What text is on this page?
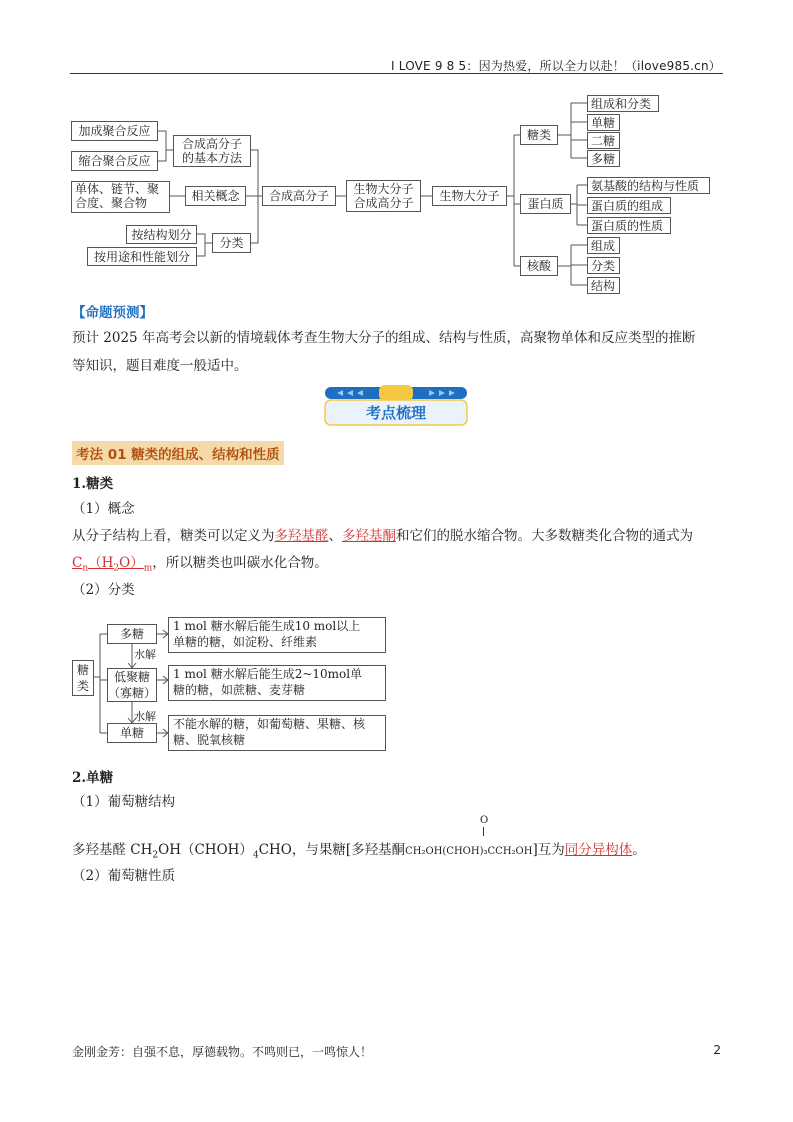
I LOVE 9 8 5：因为热爱，所以全力以赴！（ilove985.cn）
加成聚合反应
缩合聚合反应
合成高分子
的基本方法
单体、链节、聚
合度、聚合物	相关概念
按结构划分
按用途和性能划分
分类
合成高分子	生物大分子
合成高分子	生物大分子
糖类
蛋白质
核酸
组成和分类
单糖
二糖
多糖
氨基酸的结构与性质
蛋白质的组成
蛋白质的性质
组成
分类
结构
【命题预测】
预计 2025 年高考会以新的情境载体考查生物大分子的组成、结构与性质，高聚物单体和反应类型的推断
等知识，题目难度一般适中。
考点梳理
考法 01 糖类的组成、结构和性质
1.糖类
（1）概念
从分子结构上看，糖类可以定义为多羟基醛、多羟基酮和它们的脱水缩合物。大多数糖类化合物的通式为
$C_n(H_2O)_m$，所以糖类也叫碳水化合物。
（2）分类
糖
类
多糖
水解
低聚糖
（寡糖）
水解
单糖
1 mol 糖水解后能生成10 mol以上
单糖的糖，如淀粉、纤维素
1 mol 糖水解后能生成2~10mol单
糖的糖，如蔗糖、麦芽糖
不能水解的糖，如葡萄糖、果糖、核
糖、脱氧核糖
2.单糖
（1）葡萄糖结构
O
多羟基醛 $CH_2OH(CHOH)_4CHO$，与果糖[多羟基酮CH₂OH(CHOH)₃CCH₂OH]互为同分异构体。
（2）葡萄糖性质
金刚金芳：自强不息，厚德载物。不鸣则已，一鸣惊人！	2
